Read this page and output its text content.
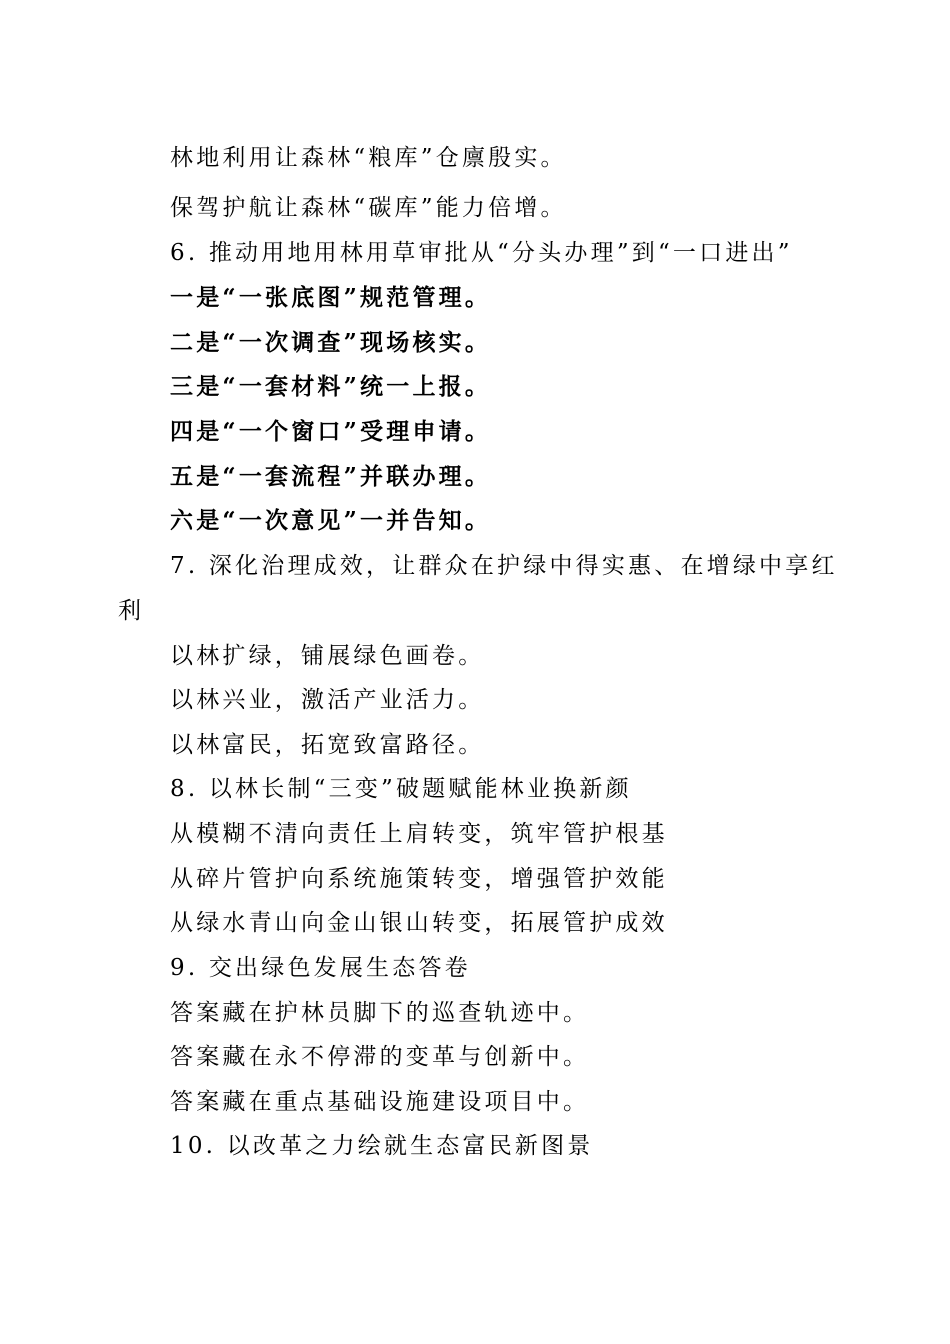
林地利用让森林“粮库”仓廪殷实。
保驾护航让森林“碳库”能力倍增。
6. 推动用地用林用草审批从“分头办理”到“一口进出”
一是“一张底图”规范管理。
二是“一次调查”现场核实。
三是“一套材料”统一上报。
四是“一个窗口”受理申请。
五是“一套流程”并联办理。
六是“一次意见”一并告知。
7. 深化治理成效，让群众在护绿中得实惠、在增绿中享红
利
以林扩绿，铺展绿色画卷。
以林兴业，激活产业活力。
以林富民，拓宽致富路径。
8. 以林长制“三变”破题赋能林业换新颜
从模糊不清向责任上肩转变，筑牢管护根基
从碎片管护向系统施策转变，增强管护效能
从绿水青山向金山银山转变，拓展管护成效
9. 交出绿色发展生态答卷
答案藏在护林员脚下的巡查轨迹中。
答案藏在永不停滞的变革与创新中。
答案藏在重点基础设施建设项目中。
10. 以改革之力绘就生态富民新图景
